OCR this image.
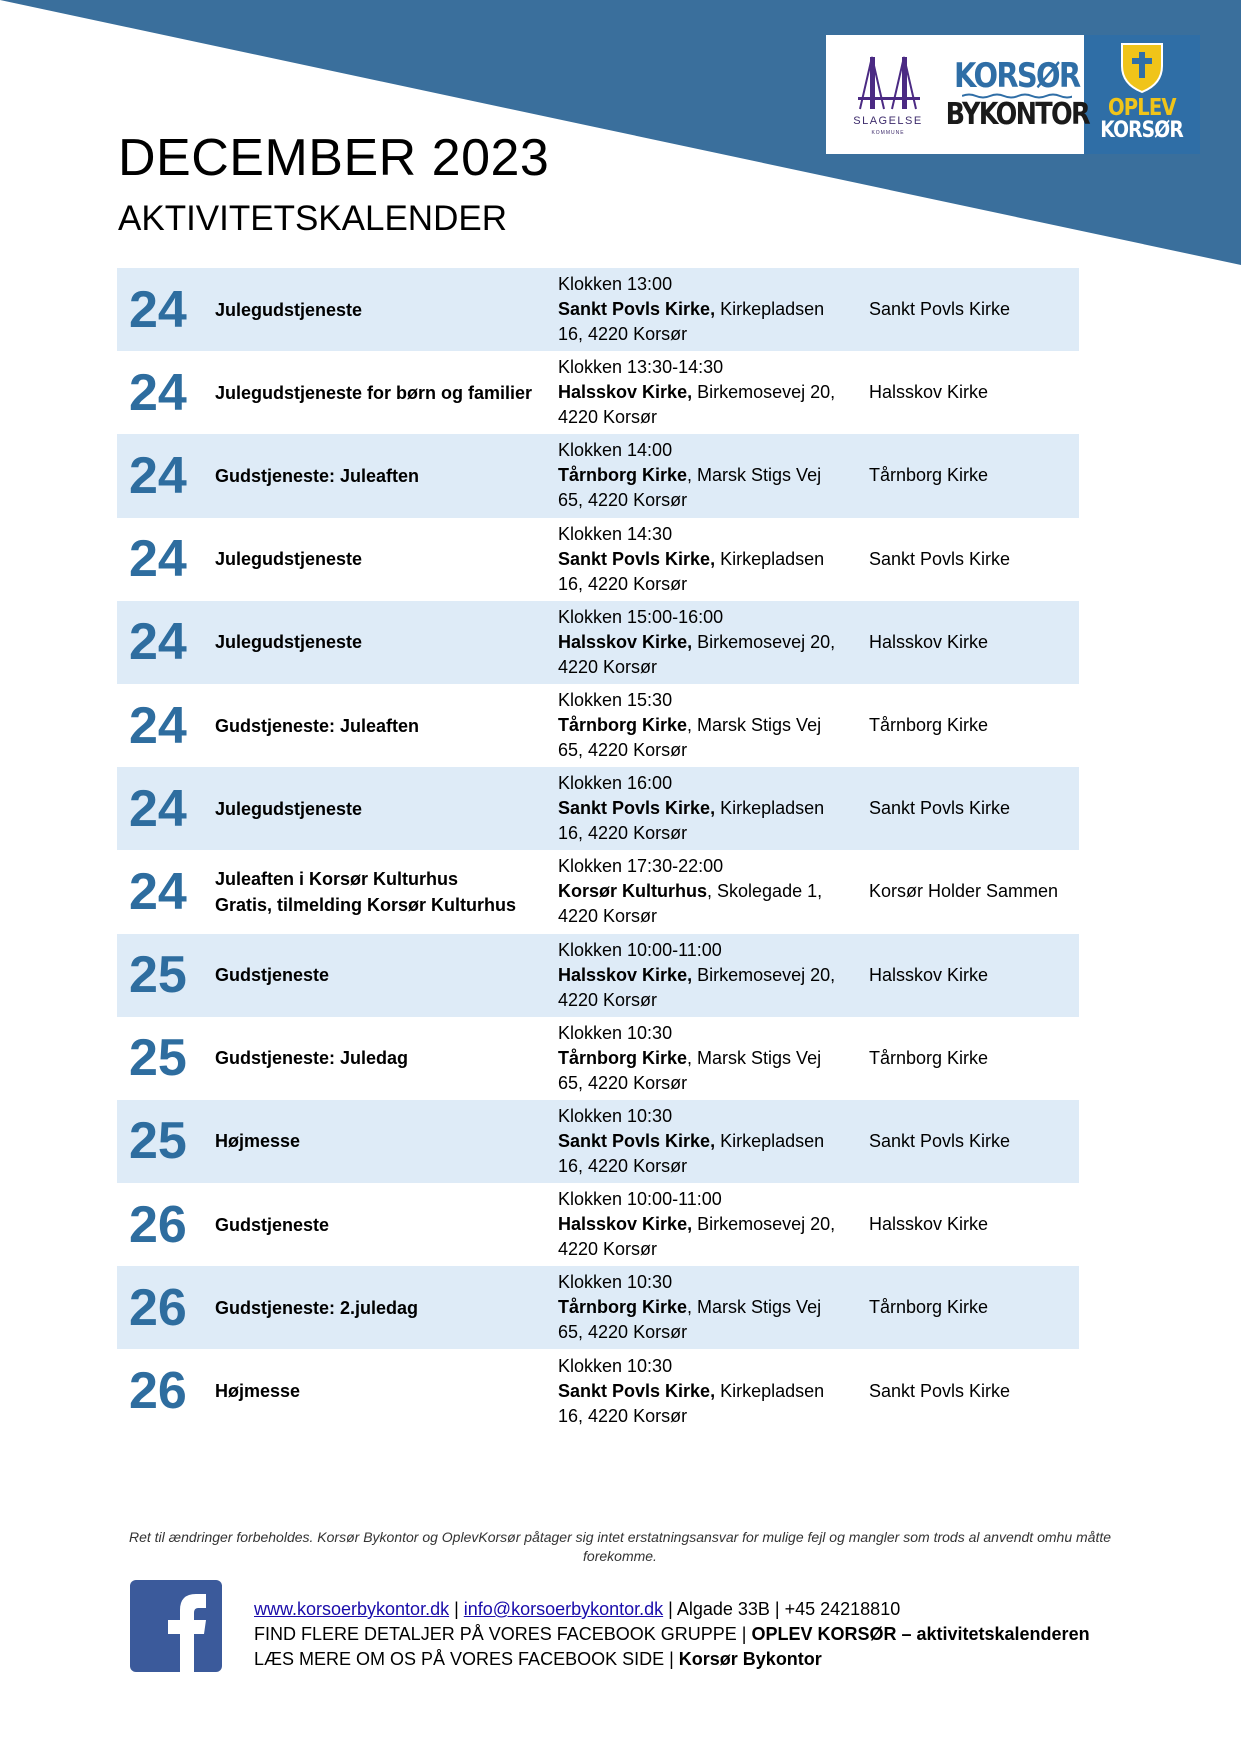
SLAGELSE
KOMMUNE
KORSØR
BYKONTOR OPLEV
KORSØR
DECEMBER 2023
AKTIVITETSKALENDER
24 Julegudstjeneste
Klokken 13:00
Sankt Povls Kirke, Kirkepladsen
16, 4220 Korsør
Sankt Povls Kirke
24 Julegudstjeneste for børn og familier
Klokken 13:30-14:30
Halsskov Kirke, Birkemosevej 20,
4220 Korsør
Halsskov Kirke
24 Gudstjeneste: Juleaften
Klokken 14:00
Tårnborg Kirke, Marsk Stigs Vej
65, 4220 Korsør
Tårnborg Kirke
24 Julegudstjeneste
Klokken 14:30
Sankt Povls Kirke, Kirkepladsen
16, 4220 Korsør
Sankt Povls Kirke
24 Julegudstjeneste
Klokken 15:00-16:00
Halsskov Kirke, Birkemosevej 20,
4220 Korsør
Halsskov Kirke
24 Gudstjeneste: Juleaften
Klokken 15:30
Tårnborg Kirke, Marsk Stigs Vej
65, 4220 Korsør
Tårnborg Kirke
24 Julegudstjeneste
Klokken 16:00
Sankt Povls Kirke, Kirkepladsen
16, 4220 Korsør
Sankt Povls Kirke
24 Juleaften i Korsør Kulturhus
Gratis, tilmelding Korsør Kulturhus
Klokken 17:30-22:00
Korsør Kulturhus, Skolegade 1,
4220 Korsør
Korsør Holder Sammen
25 Gudstjeneste
Klokken 10:00-11:00
Halsskov Kirke, Birkemosevej 20,
4220 Korsør
Halsskov Kirke
25 Gudstjeneste: Juledag
Klokken 10:30
Tårnborg Kirke, Marsk Stigs Vej
65, 4220 Korsør
Tårnborg Kirke
25 Højmesse
Klokken 10:30
Sankt Povls Kirke, Kirkepladsen
16, 4220 Korsør
Sankt Povls Kirke
26 Gudstjeneste
Klokken 10:00-11:00
Halsskov Kirke, Birkemosevej 20,
4220 Korsør
Halsskov Kirke
26 Gudstjeneste: 2.juledag
Klokken 10:30
Tårnborg Kirke, Marsk Stigs Vej
65, 4220 Korsør
Tårnborg Kirke
26 Højmesse
Klokken 10:30
Sankt Povls Kirke, Kirkepladsen
16, 4220 Korsør
Sankt Povls Kirke
Ret til ændringer forbeholdes. Korsør Bykontor og OplevKorsør påtager sig intet erstatningsansvar for mulige fejl og mangler som trods al anvendt omhu måtte forekomme.
www.korsoerbykontor.dk | info@korsoerbykontor.dk | Algade 33B | +45 24218810
FIND FLERE DETALJER PÅ VORES FACEBOOK GRUPPE | OPLEV KORSØR – aktivitetskalenderen
LÆS MERE OM OS PÅ VORES FACEBOOK SIDE | Korsør Bykontor
